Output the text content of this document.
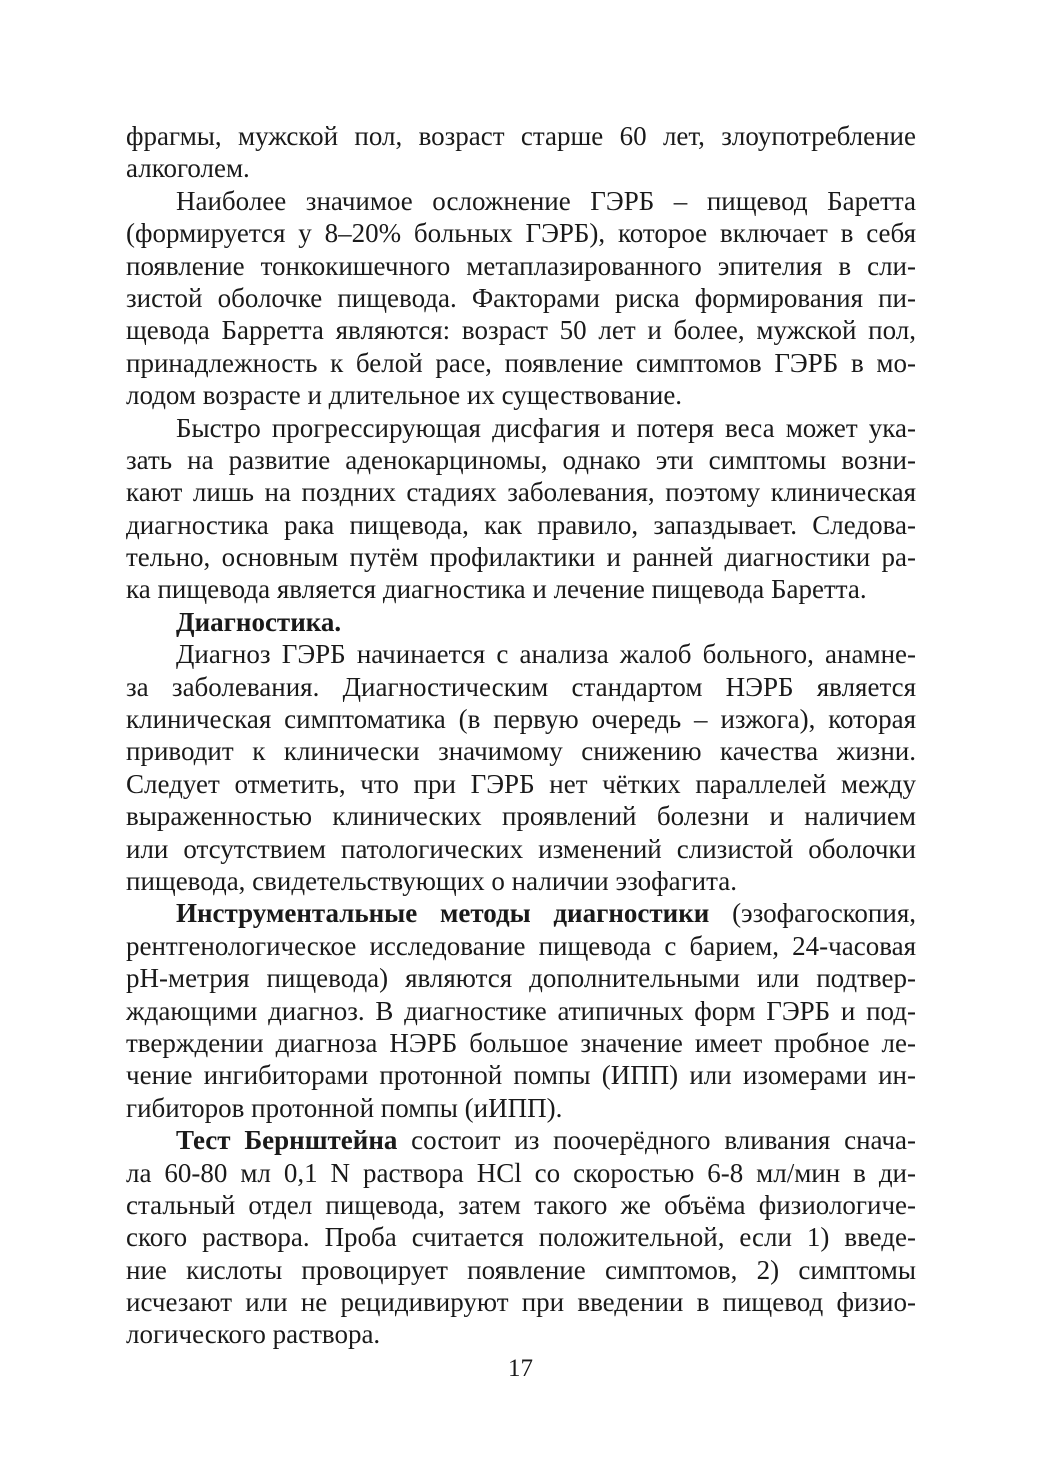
фрагмы, мужской пол, возраст старше 60 лет, злоупотребление
алкоголем.
Наиболее значимое осложнение ГЭРБ – пищевод Баретта
(формируется у 8–20% больных ГЭРБ), которое включает в себя
появление тонкокишечного метаплазированного эпителия в сли-
зистой оболочке пищевода. Факторами риска формирования пи-
щевода Барретта являются: возраст 50 лет и более, мужской пол,
принадлежность к белой расе, появление симптомов ГЭРБ в мо-
лодом возрасте и длительное их существование.
Быстро прогрессирующая дисфагия и потеря веса может ука-
зать на развитие аденокарциномы, однако эти симптомы возни-
кают лишь на поздних стадиях заболевания, поэтому клиническая
диагностика рака пищевода, как правило, запаздывает. Следова-
тельно, основным путём профилактики и ранней диагностики ра-
ка пищевода является диагностика и лечение пищевода Баретта.
Диагностика.
Диагноз ГЭРБ начинается с анализа жалоб больного, анамне-
за заболевания. Диагностическим стандартом НЭРБ является
клиническая симптоматика (в первую очередь – изжога), которая
приводит к клинически значимому снижению качества жизни.
Следует отметить, что при ГЭРБ нет чётких параллелей между
выраженностью клинических проявлений болезни и наличием
или отсутствием патологических изменений слизистой оболочки
пищевода, свидетельствующих о наличии эзофагита.
Инструментальные методы диагностики (эзофагоскопия,
рентгенологическое исследование пищевода с барием, 24-часовая
pH-метрия пищевода) являются дополнительными или подтвер-
ждающими диагноз. В диагностике атипичных форм ГЭРБ и под-
тверждении диагноза НЭРБ большое значение имеет пробное ле-
чение ингибиторами протонной помпы (ИПП) или изомерами ин-
гибиторов протонной помпы (иИПП).
Тест Бернштейна состоит из поочерёдного вливания снача-
ла 60-80 мл 0,1 N раствора HCl со скоростью 6-8 мл/мин в ди-
стальный отдел пищевода, затем такого же объёма физиологиче-
ского раствора. Проба считается положительной, если 1) введе-
ние кислоты провоцирует появление симптомов, 2) симптомы
исчезают или не рецидивируют при введении в пищевод физио-
логического раствора.
17
